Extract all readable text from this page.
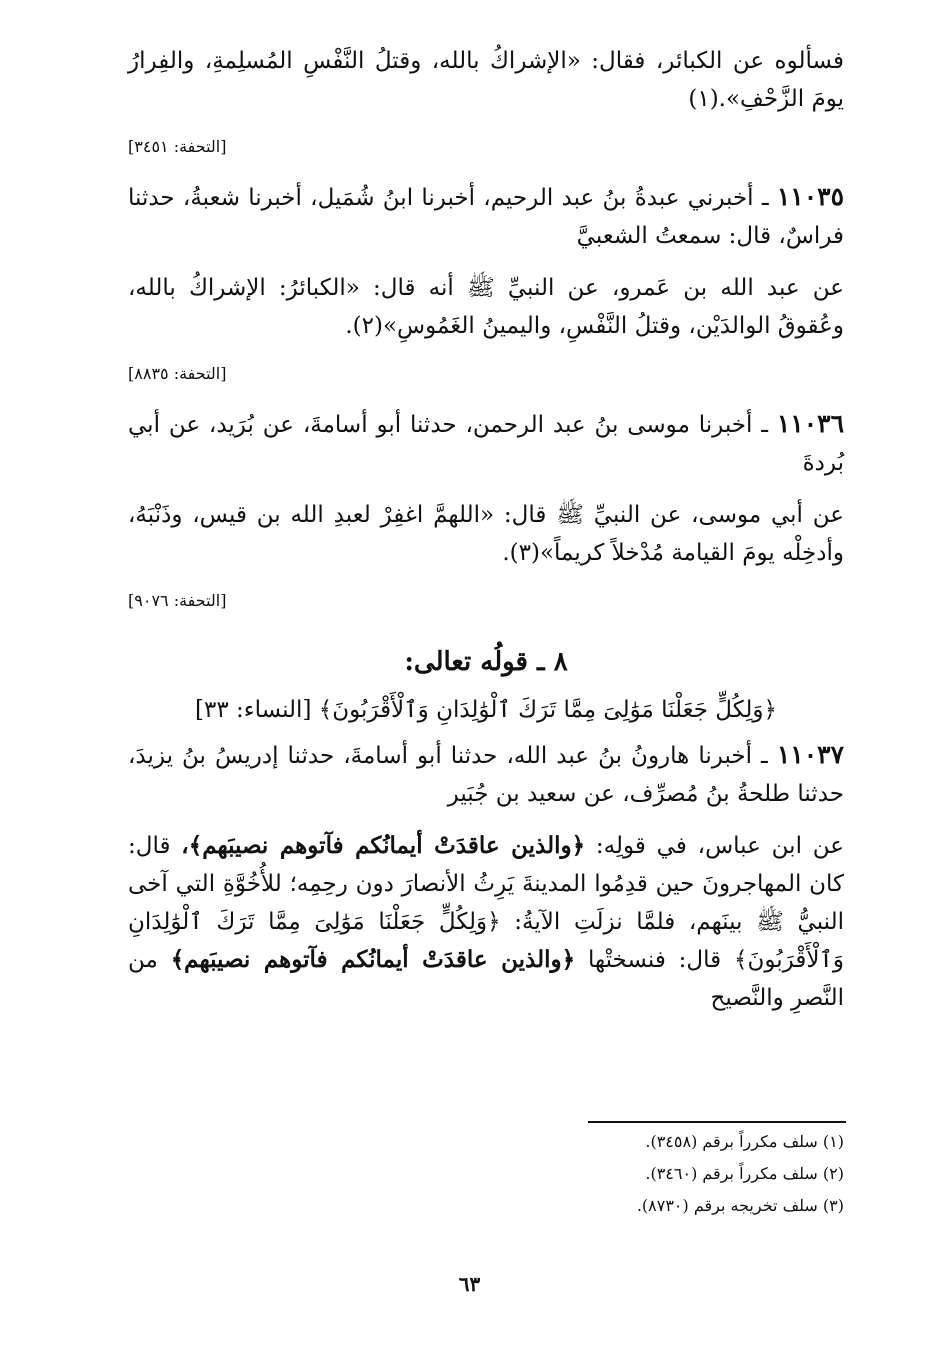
فسألوه عن الكبائر، فقال: «الإشراكُ بالله، وقتلُ النَّفْسِ المُسلِمةِ، والفِرارُ يومَ الزَّحْفِ».(١)

[التحفة: ٣٤٥١]

١١٠٣٥ ـ أخبرني عبدةُ بنُ عبد الرحيم، أخبرنا ابنُ شُمَيل، أخبرنا شعبةُ، حدثنا فراسٌ، قال: سمعتُ الشعبيَّ

عن عبد الله بن عَمرو، عن النبيِّ ﷺ أنه قال: «الكبائرُ: الإشراكُ بالله، وعُقوقُ الوالدَيْن، وقتلُ النَّفْسِ، واليمينُ الغَمُوسِ»(٢).

[التحفة: ٨٨٣٥]

١١٠٣٦ ـ أخبرنا موسى بنُ عبد الرحمن، حدثنا أبو أسامةَ، عن بُرَيد، عن أبي بُردةَ

عن أبي موسى، عن النبيِّ ﷺ قال: «اللهمَّ اغفِرْ لعبدِ الله بن قيس، وذَنْبَهُ، وأدخِلْه يومَ القيامة مُدْخلاً كريماً»(٣).

[التحفة: ٩٠٧٦]
٨ ـ قولُه تعالى:
﴿وَلِكُلٍّ جَعَلْنَا مَوَٰلِىَ مِمَّا تَرَكَ ٱلْوَٰلِدَانِ وَٱلْأَقْرَبُونَ﴾ [النساء: ٣٣]

١١٠٣٧ ـ أخبرنا هارونُ بنُ عبد الله، حدثنا أبو أسامةَ، حدثنا إدريسُ بنُ يزيدَ، حدثنا طلحةُ بنُ مُصرِّف، عن سعيد بن جُبَير

عن ابن عباس، في قولِه: ﴿والذين عاقدَتْ أيمانُكم فآتوهم نصيبَهم﴾، قال: كان المهاجرونَ حين قدِمُوا المدينةَ يَرِثُ الأنصارَ دون رحِمِه؛ للأُخُوَّةِ التي آخى النبيُّ ﷺ بينَهم، فلمَّا نزلَتِ الآيةُ: ﴿وَلِكُلٍّ جَعَلْنَا مَوَٰلِىَ مِمَّا تَرَكَ ٱلْوَٰلِدَانِ وَٱلْأَقْرَبُونَ﴾ قال: فنسختْها ﴿والذين عاقدَتْ أيمانُكم فآتوهم نصيبَهم﴾ من النَّصرِ والنَّصيح

(١) سلف مكرراً برقم (٣٤٥٨).
(٢) سلف مكرراً برقم (٣٤٦٠).
(٣) سلف تخريجه برقم (٨٧٣٠).
٦٣
